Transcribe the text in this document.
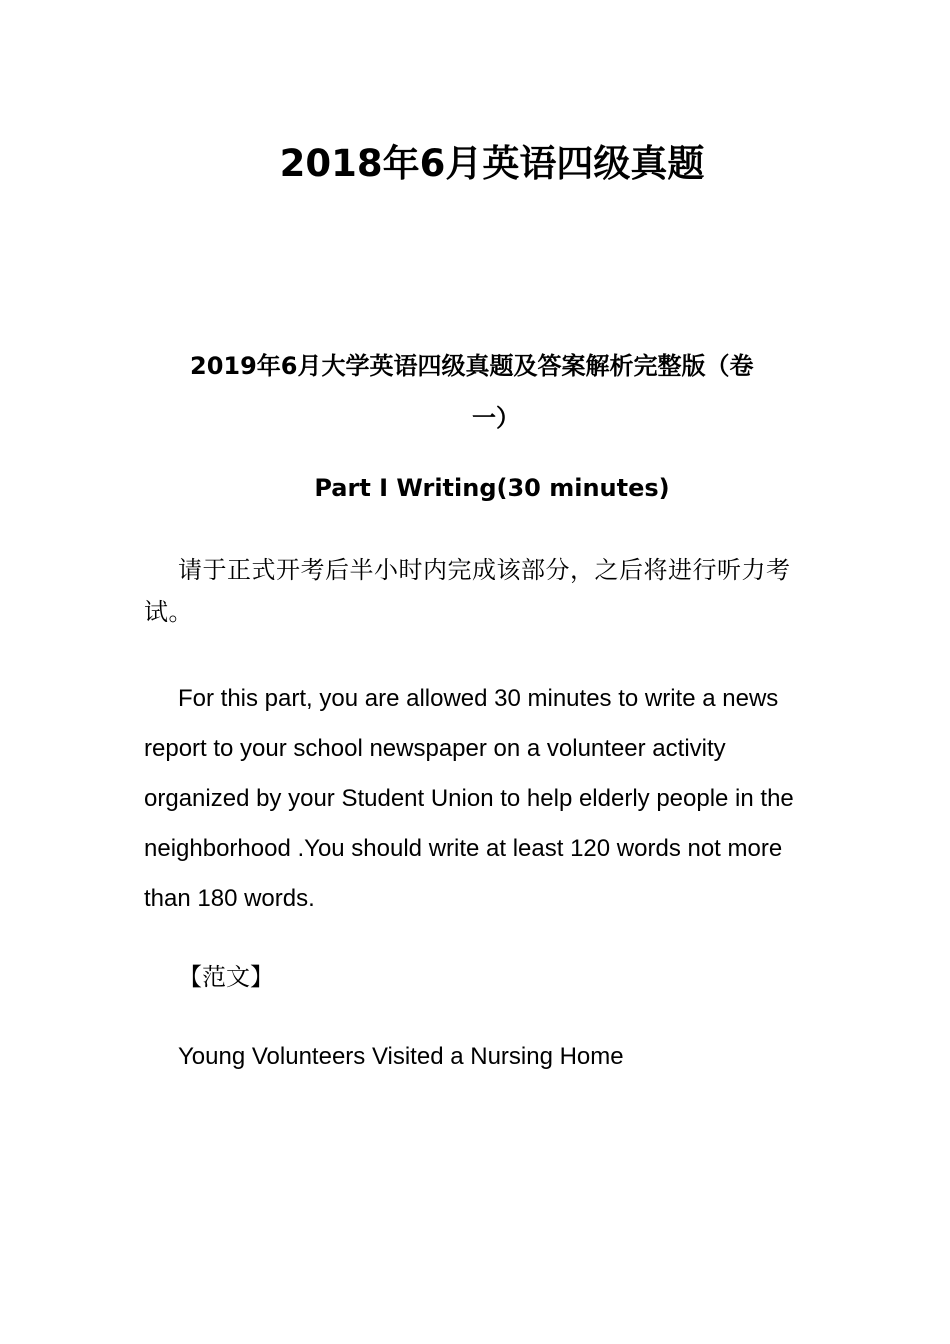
2018年6月英语四级真题
2019年6月大学英语四级真题及答案解析完整版（卷
一）
Part I Writing(30 minutes)

请于正式开考后半小时内完成该部分，之后将进行听力考试。

For this part, you are allowed 30 minutes to write a news report to your school newspaper on a volunteer activity organized by your Student Union to help elderly people in the neighborhood .You should write at least 120 words not more than 180 words.

【范文】

Young Volunteers Visited a Nursing Home
